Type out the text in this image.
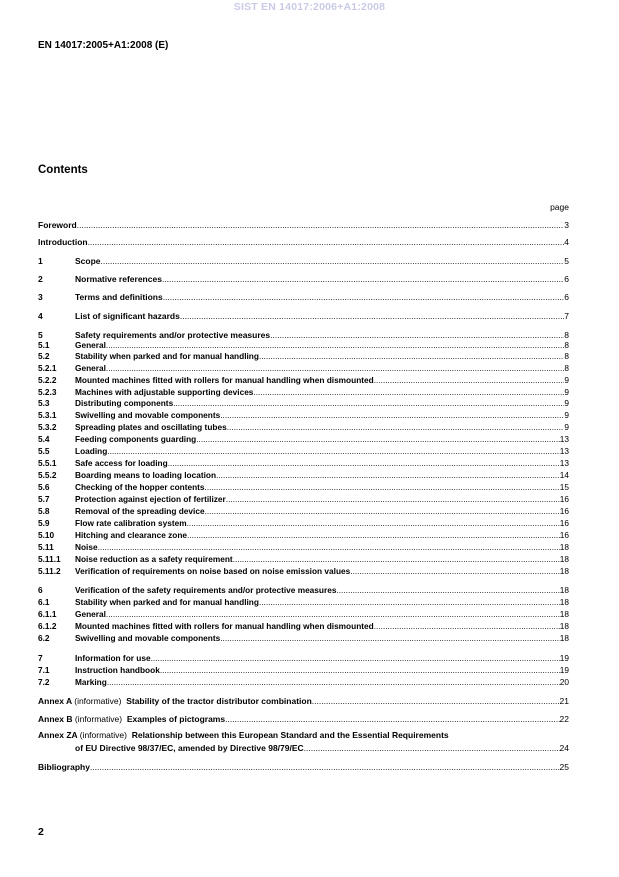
SIST EN 14017:2006+A1:2008
EN 14017:2005+A1:2008 (E)
Contents
page
Foreword .....	3
Introduction .....	4
1	Scope .....	5
2	Normative references .....	6
3	Terms and definitions .....	6
4	List of significant hazards .....	7
5	Safety requirements and/or protective measures .....	8
5.1	General .....	8
5.2	Stability when parked and for manual handling .....	8
5.2.1	General .....	8
5.2.2	Mounted machines fitted with rollers for manual handling when dismounted .....	9
5.2.3	Machines with adjustable supporting devices .....	9
5.3	Distributing components .....	9
5.3.1	Swivelling and movable components .....	9
5.3.2	Spreading plates and oscillating tubes .....	9
5.4	Feeding components guarding .....	13
5.5	Loading .....	13
5.5.1	Safe access for loading .....	13
5.5.2	Boarding means to loading location .....	14
5.6	Checking of the hopper contents .....	15
5.7	Protection against ejection of fertilizer .....	16
5.8	Removal of the spreading device .....	16
5.9	Flow rate calibration system .....	16
5.10	Hitching and clearance zone .....	16
5.11	Noise .....	18
5.11.1	Noise reduction as a safety requirement .....	18
5.11.2	Verification of requirements on noise based on noise emission values .....	18
6	Verification of the safety requirements and/or protective measures .....	18
6.1	Stability when parked and for manual handling .....	18
6.1.1	General .....	18
6.1.2	Mounted machines fitted with rollers for manual handling when dismounted .....	18
6.2	Swivelling and movable components .....	18
7	Information for use .....	19
7.1	Instruction handbook .....	19
7.2	Marking .....	20
Annex A (informative) Stability of the tractor distributor combination .....	21
Annex B (informative) Examples of pictograms .....	22
Annex ZA (informative) Relationship between this European Standard and the Essential Requirements
of EU Directive 98/37/EC, amended by Directive 98/79/EC .....	24
Bibliography .....	25
2
